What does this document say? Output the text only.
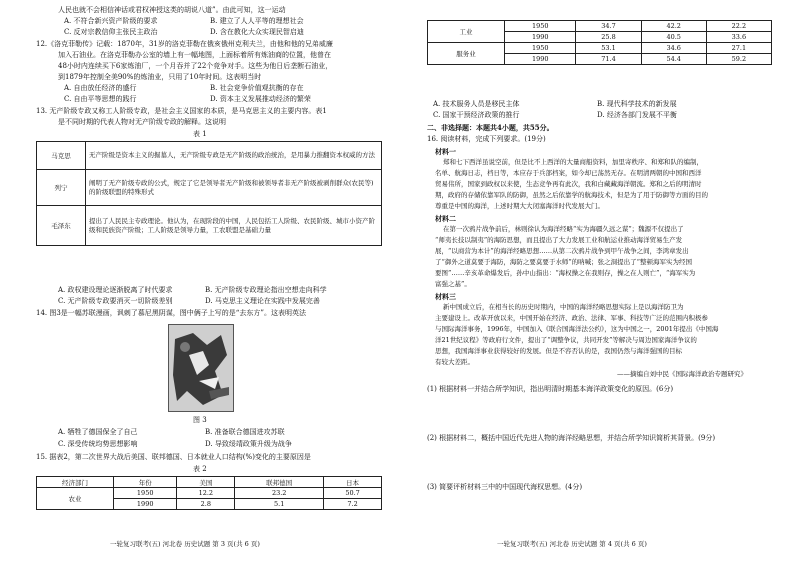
人民也就不会相信神话或君权神授这类的胡说八道”。由此可知，这一运动
A. 不符合新兴资产阶级的要求	B. 建立了人人平等的理想社会
C. 反对宗教信仰主张民主政治	D. 含在教化大众实现民智启迪
12.《洛克菲勒传》记载：1870年，31岁的洛克菲勒在俄亥俄州克利夫兰，由他和他的兄弟威廉
加入石油业。在洛克菲勒办公室的墙上有一幅地图，上面标着所有炼油商的位置，他曾在
48小时内连续买下6家炼油厂，一个月吞并了22个竞争对手。这些为他日后垄断石油业，
到1879年控制全美90%的炼油业，只用了10年时间。这表明当时
A. 自由放任经济的盛行	B. 社会竞争价值观抗衡的存在
C. 自由平等思想的践行	D. 资本主义发展推动经济的繁荣
13. 无产阶级专政又称工人阶级专政，是社会主义国家的本质，是马克思主义的主要内容。表1
是不同时期的代表人物对无产阶级专政的解释。这说明
表 1
马克思	无产阶级是资本主义的掘墓人，无产阶级专政是无产阶级的政治统治，是用暴力推翻资本权威的方法
列宁	阐明了无产阶级专政的公式，规定了它是领导者无产阶级和被领导者非无产阶级被剥削群众(农民等)的阶级联盟的特殊形式
毛泽东	提出了人民民主专政理论。他认为，在现阶段的中国，人民包括工人阶级、农民阶级、城市小资产阶级和民族资产阶级；工人阶级是领导力量，工农联盟是基础力量
A. 政权建设理论逐渐脱离了时代要求	B. 无产阶级专政理论指出空想走向科学
C. 无产阶级专政要消灭一切阶级差别	D. 马克思主义理论在实践中发展完善
14. 图3是一幅苏联漫画，讽刺了慕尼黑阴谋，图中俩子上写的是“去东方”。这表明英法
图 3
A. 牺牲了德国保全了自己	B. 准备联合德国进攻苏联
C. 深受传统均势思想影响	D. 导致绥靖政策升级为战争
15. 据表2，第二次世界大战后美国、联邦德国、日本就业人口结构(%)变化的主要原因是
表 2
经济部门	年份	美国	联邦德国	日本
农业	1950	12.2	23.2	50.7
	1990	2.8	5.1	7.2
一轮复习联考(五) 河北卷 历史试题 第 3 页(共 6 页)
工业	1950	34.7	42.2	22.2
	1990	25.8	40.5	33.6
服务业	1950	53.1	34.6	27.1
	1990	71.4	54.4	59.2
A. 技术服务人员是移民主体	B. 现代科学技术的新发展
C. 国家干预经济政策的推行	D. 经济各部门发展不平衡
二、非选择题：本题共4小题，共55分。
16. 阅读材料，完成下列要求。(19分)
材料一
郑和七下西洋虽说空前，但是比不上西洋的大量商船资料，加里寄秩序、和郑和队的编制，
名单、航海日志，档日等，本应存于兵部档案，如今却已荡然无存。在明清两朝的中国和西洋
贸易伟所，国家到政权以来使，生态竞争再有此次，我和白藏藏海洋朝流。郑和之后的明清时
期，政府的存储依靠军队的防御，虽然之后依靠学的航海技术，但是为了用于防御等方面的目的
尊重是中国的海洋，上述时期大大闭塞海洋时代发展大门。
材料二
在第一次鸦片战争前后，林则徐认为海洋经略“实为海疆久远之谋”；魏源不仅提出了
“师夷长技以制夷”的海防思想，而且提出了大力发展工业和航运业推动海洋贸易生产发
展，“以商营为本计”的海洋经略思想……从第二次鸦片战争到甲午战争之间，李鸿章发出
了“御外之道莫要于海防，海防之要莫要于水师”的呐喊；张之洞提出了“整顿海军实为经国
要图”……辛亥革命爆发后，孙中山指出：“海权操之在我则存，操之在人则亡”，“海军实为
富强之基”。
材料三
新中国成立后，在相当长的历史时期内，中国的海洋经略思想实际上是以海洋防卫为
主要建设上。改革开放以来，中国开始在经济、政治、法律、军事、科技等广泛的范围内积极参
与国际海洋事务，1996年，中国加入《联合国海洋法公约》，这为中国之一，2001年提出《中国海
洋21世纪议程》等政府行文件，提出了“调整争议，共同开发”等解决与周边国家海洋争议的
思想，我国海洋事业获得较好的发展。但是不容否认的是，我国仍然与海洋强国的目标
有较大差距。
——摘编自刘中民《国际海洋政治专题研究》
(1) 根据材料一并结合所学知识，指出明清时期基本海洋政策变化的原因。(6分)
(2) 根据材料二，概括中国近代先进人物的海洋经略思想，并结合所学知识简析其背景。(9分)
(3) 简要评析材料三中的中国现代海权思想。(4分)
一轮复习联考(五) 河北卷 历史试题 第 4 页(共 6 页)
